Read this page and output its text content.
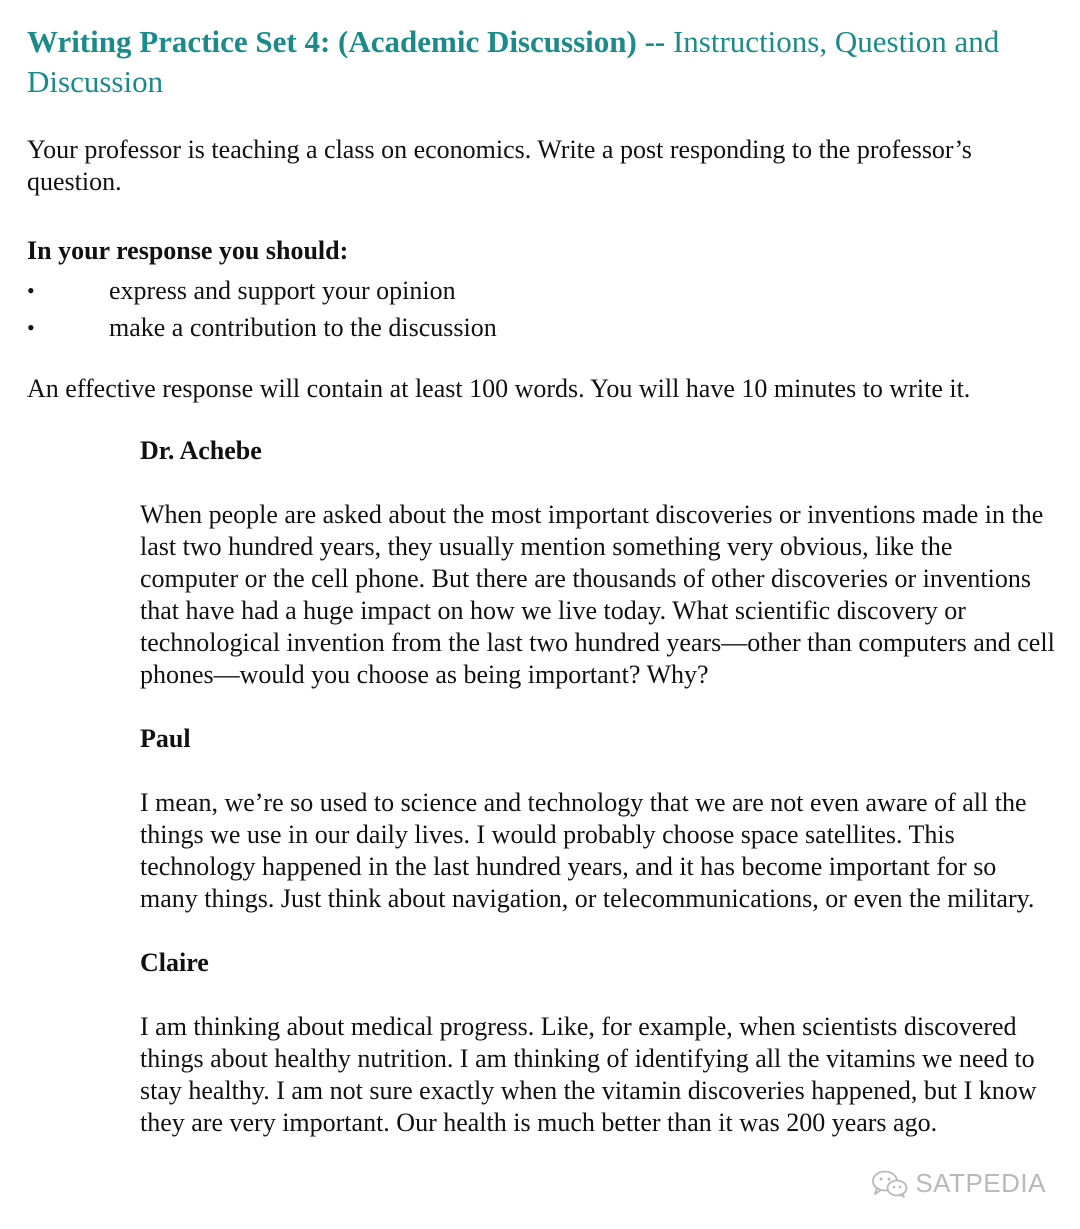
Writing Practice Set 4: (Academic Discussion) -- Instructions, Question and Discussion

Your professor is teaching a class on economics. Write a post responding to the professor’s question.

In your response you should:

•	express and support your opinion
•	make a contribution to the discussion

An effective response will contain at least 100 words. You will have 10 minutes to write it.

Dr. Achebe

When people are asked about the most important discoveries or inventions made in the last two hundred years, they usually mention something very obvious, like the computer or the cell phone. But there are thousands of other discoveries or inventions that have had a huge impact on how we live today. What scientific discovery or technological invention from the last two hundred years—other than computers and cell phones—would you choose as being important? Why?

Paul

I mean, we’re so used to science and technology that we are not even aware of all the things we use in our daily lives. I would probably choose space satellites. This technology happened in the last hundred years, and it has become important for so many things. Just think about navigation, or telecommunications, or even the military.

Claire

I am thinking about medical progress. Like, for example, when scientists discovered things about healthy nutrition. I am thinking of identifying all the vitamins we need to stay healthy. I am not sure exactly when the vitamin discoveries happened, but I know they are very important. Our health is much better than it was 200 years ago.

SATPEDIA
